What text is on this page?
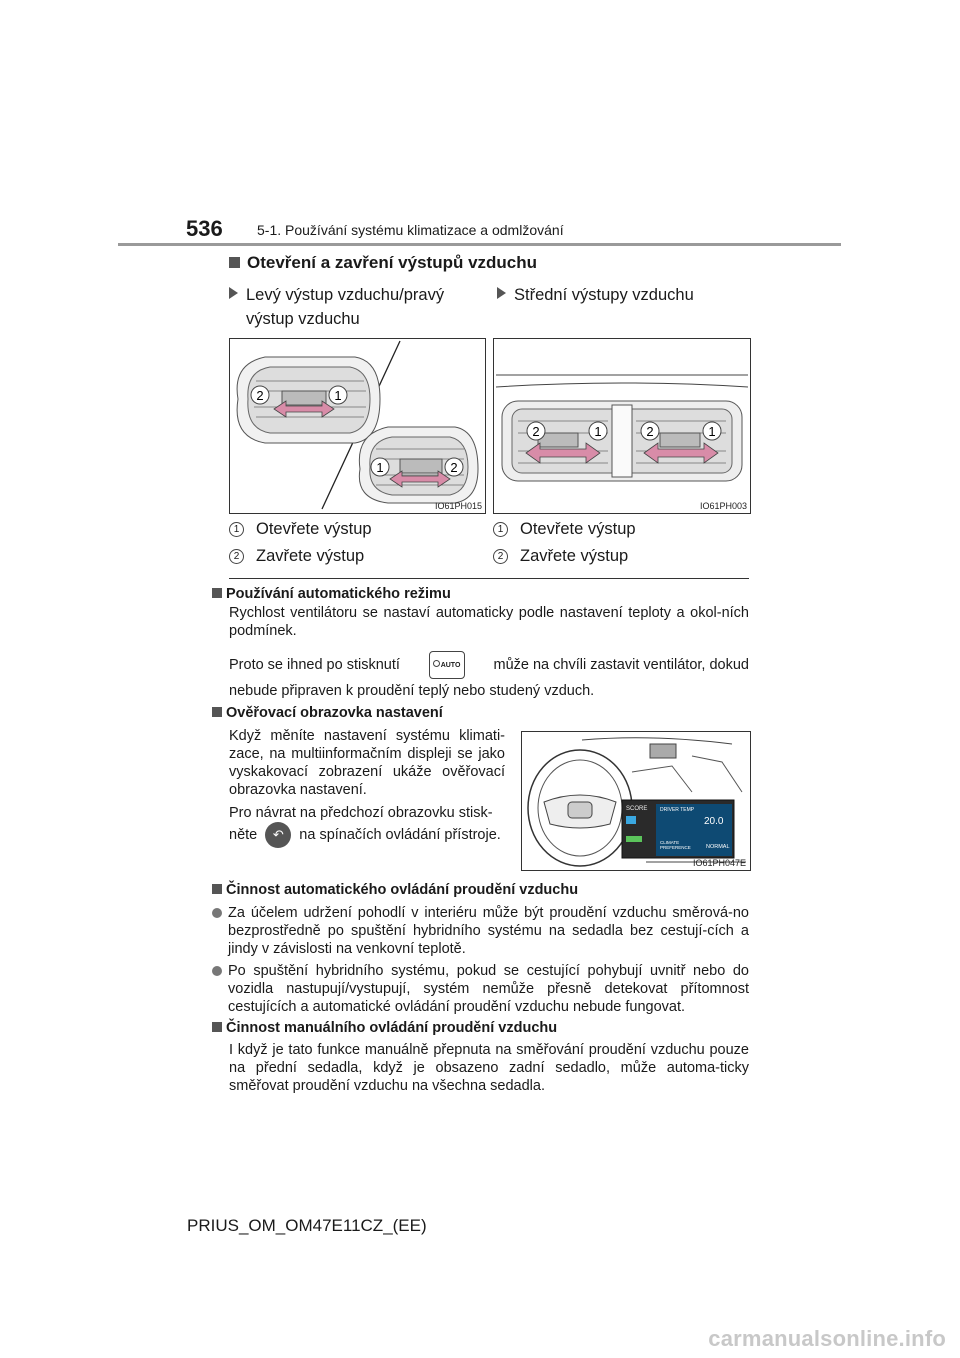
536 5-1. Používání systému klimatizace a odmlžování
Otevření a zavření výstupů vzduchu
Levý výstup vzduchu/pravý
výstup vzduchu
Střední výstupy vzduchu
2	1
1	2
IO61PH015
2	1	2	1
IO61PH003
1 Otevřete výstup
2 Zavřete výstup
1 Otevřete výstup
2 Zavřete výstup
Používání automatického režimu
Rychlost ventilátoru se nastaví automaticky podle nastavení teploty a okol-ních podmínek.
Proto se ihned po stisknutí	AUTO může na chvíli zastavit ventilátor, dokud
nebude připraven k proudění teplý nebo studený vzduch.
Ověřovací obrazovka nastavení
Když měníte nastavení systému klimati-zace, na multiinformačním displeji se jako vyskakovací zobrazení ukáže ověřovací obrazovka nastavení.
Pro návrat na předchozí obrazovku stisk-
něte ↶ na spínačích ovládání přístroje.
SCORE	DRIVER TEMP
20.0
CLIMATE
PREFERENCE	NORMAL
IO61PH047E
Činnost automatického ovládání proudění vzduchu
Za účelem udržení pohodlí v interiéru může být proudění vzduchu směrová-no bezprostředně po spuštění hybridního systému na sedadla bez cestují-cích a jindy v závislosti na venkovní teplotě.
Po spuštění hybridního systému, pokud se cestující pohybují uvnitř nebo do vozidla nastupují/vystupují, systém nemůže přesně detekovat přítomnost cestujících a automatické ovládání proudění vzduchu nebude fungovat.
Činnost manuálního ovládání proudění vzduchu
I když je tato funkce manuálně přepnuta na směřování proudění vzduchu pouze na přední sedadla, když je obsazeno zadní sedadlo, může automa-ticky směřovat proudění vzduchu na všechna sedadla.
PRIUS_OM_OM47E11CZ_(EE)
carmanualsonline.info
